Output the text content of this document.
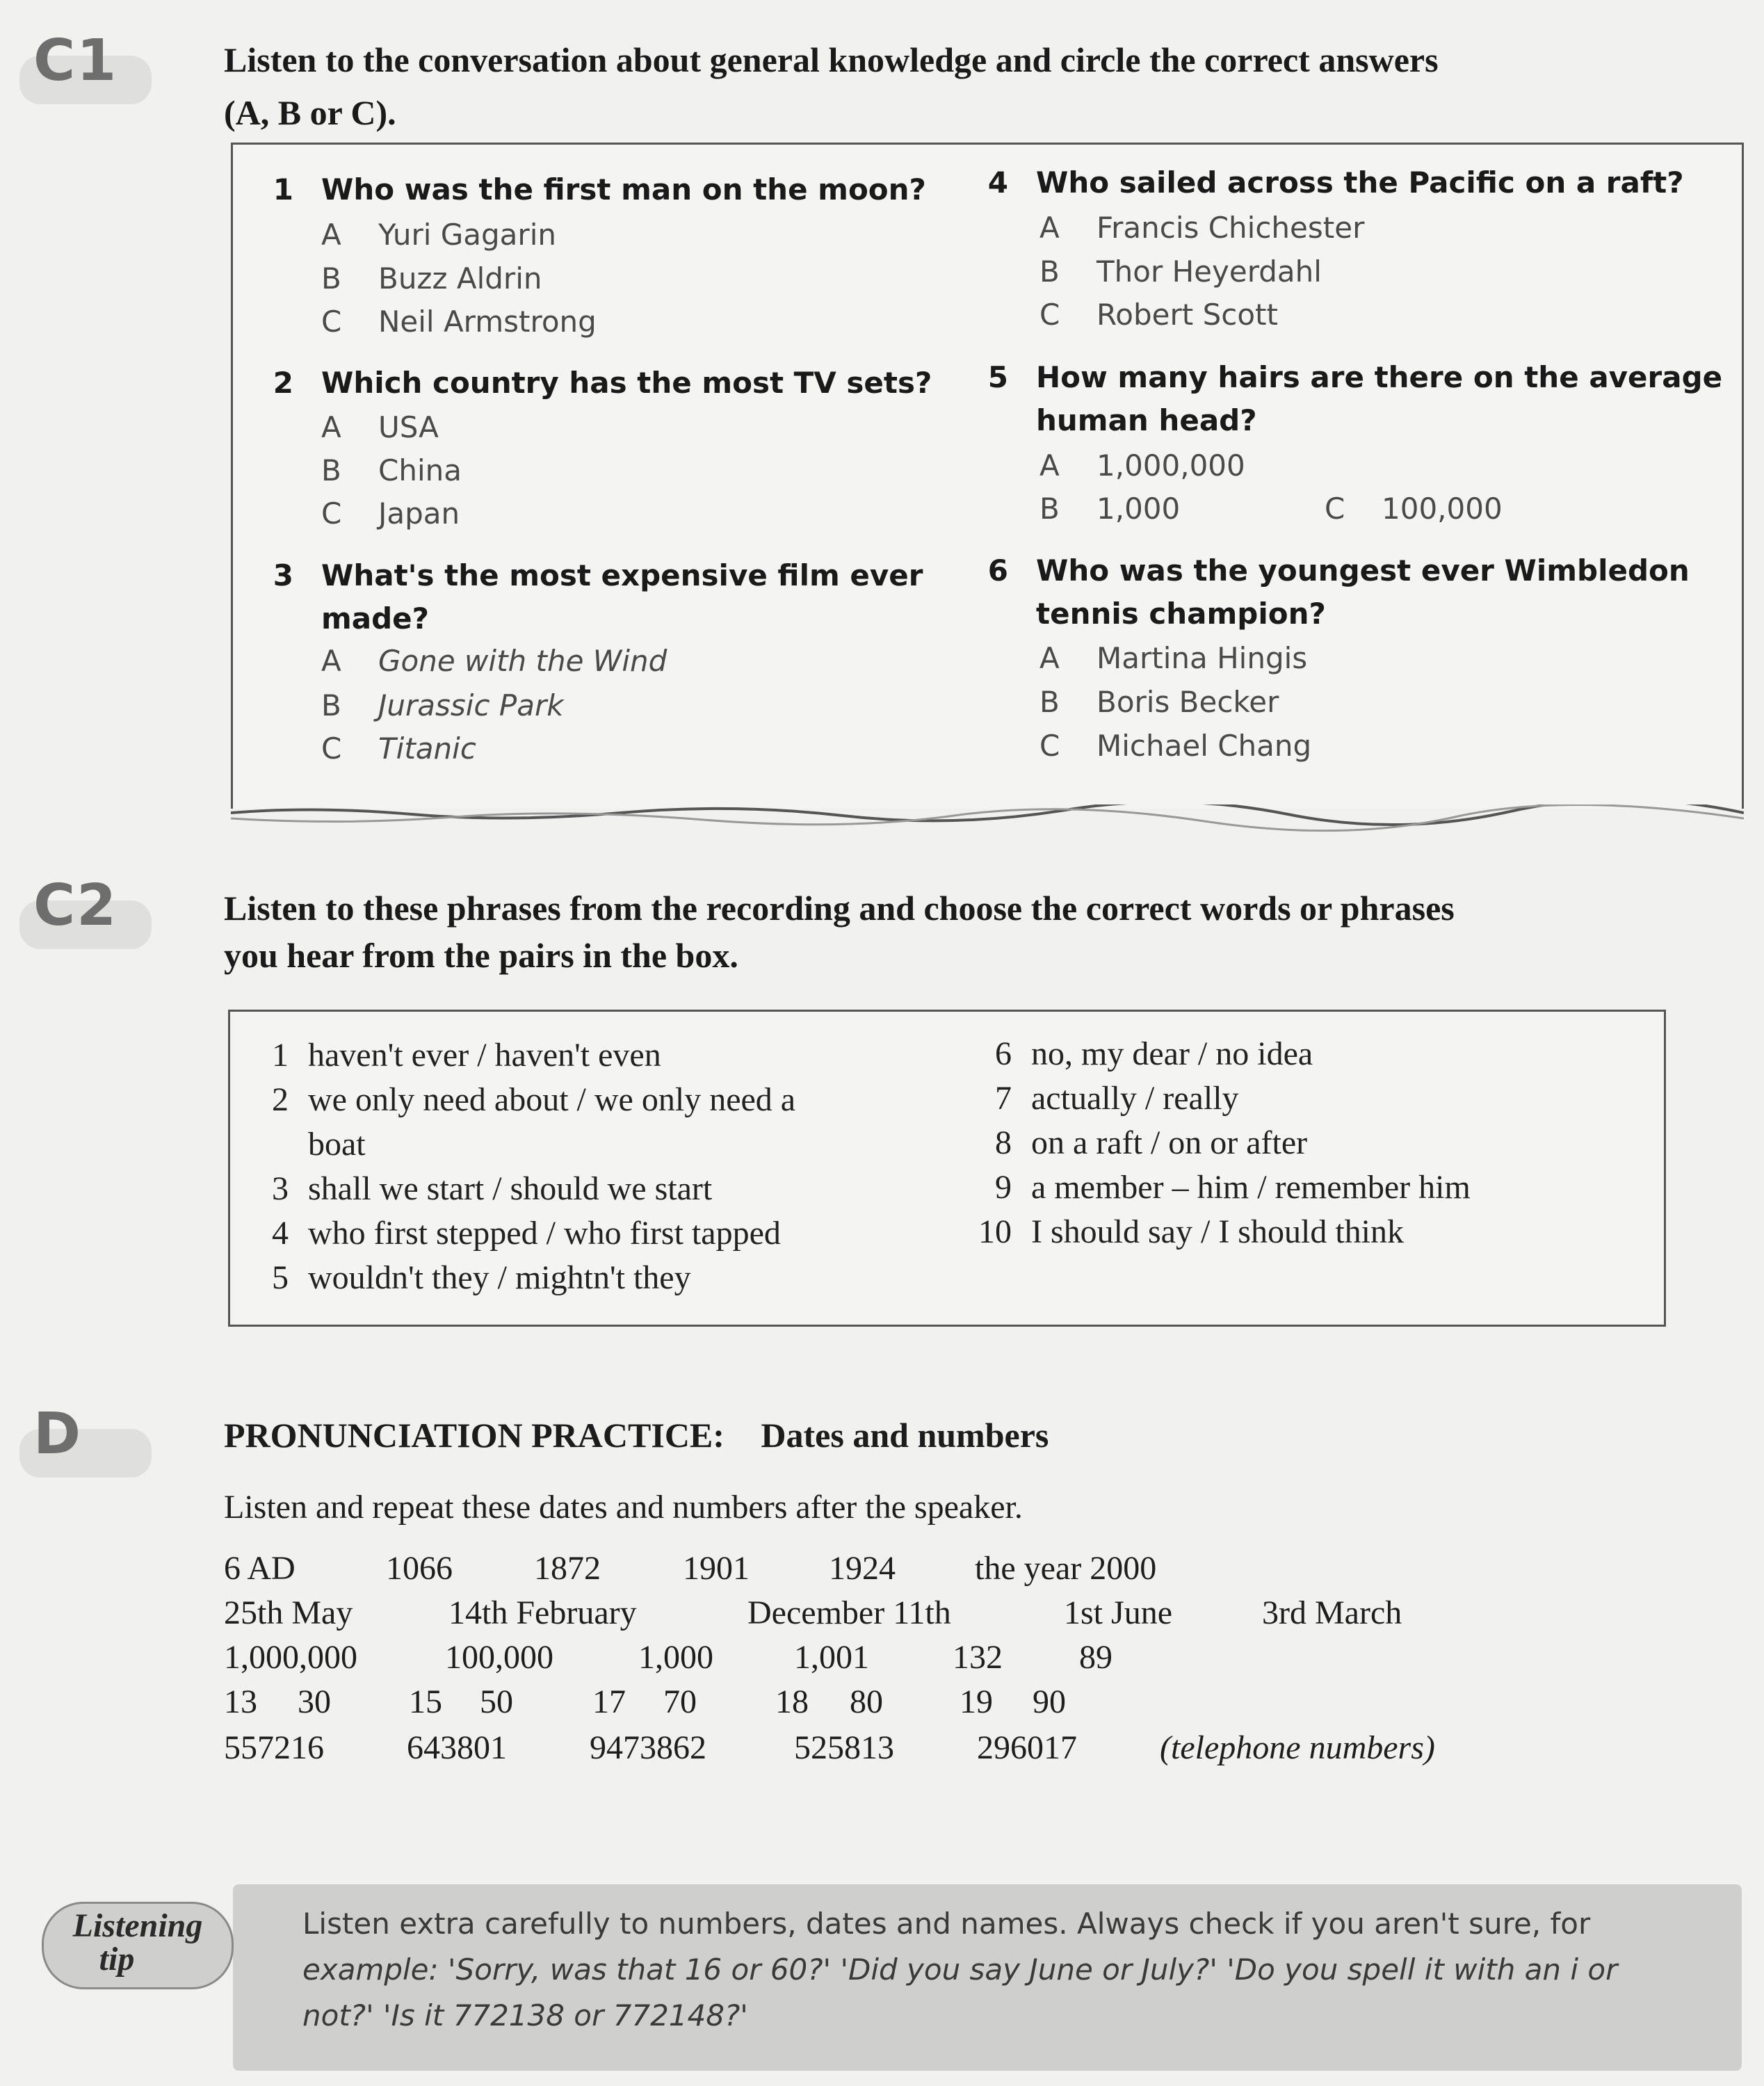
C1	Listen to the conversation about general knowledge and circle the correct answers
(A, B or C).
1 Who was the first man on the moon?
A Yuri Gagarin
B Buzz Aldrin
C Neil Armstrong
2 Which country has the most TV sets?
A USA
B China
C Japan
3 What's the most expensive film ever
made?
A Gone with the Wind
B Jurassic Park
C Titanic
4 Who sailed across the Pacific on a raft?
A Francis Chichester
B Thor Heyerdahl
C Robert Scott
5 How many hairs are there on the average
human head?
A 1,000,000
B 1,000	C 100,000
6 Who was the youngest ever Wimbledon
tennis champion?
A Martina Hingis
B Boris Becker
C Michael Chang
C2	Listen to these phrases from the recording and choose the correct words or phrases
you hear from the pairs in the box.
1 haven't ever / haven't even
2 we only need about / we only need a
boat
3 shall we start / should we start
4 who first stepped / who first tapped
5 wouldn't they / mightn't they
6 no, my dear / no idea
7 actually / really
8 on a raft / on or after
9 a member – him / remember him
10 I should say / I should think
D	PRONUNCIATION PRACTICE: Dates and numbers
Listen and repeat these dates and numbers after the speaker.
6 AD	1066 1872 1901 1924 the year 2000
25th May	14th February	December 11th	1st June	3rd March
1,000,000	100,000	1,000 1,001	132 89
13 30 15 50 17 70 18 80 19 90
557216 643801 9473862	525813 296017 (telephone numbers)
Listen extra carefully to numbers, dates and names. Always check if you aren't sure, for
example: 'Sorry, was that 16 or 60?' 'Did you say June or July?' 'Do you spell it with an i or
not?' 'Is it 772138 or 772148?'
Listening
tip
